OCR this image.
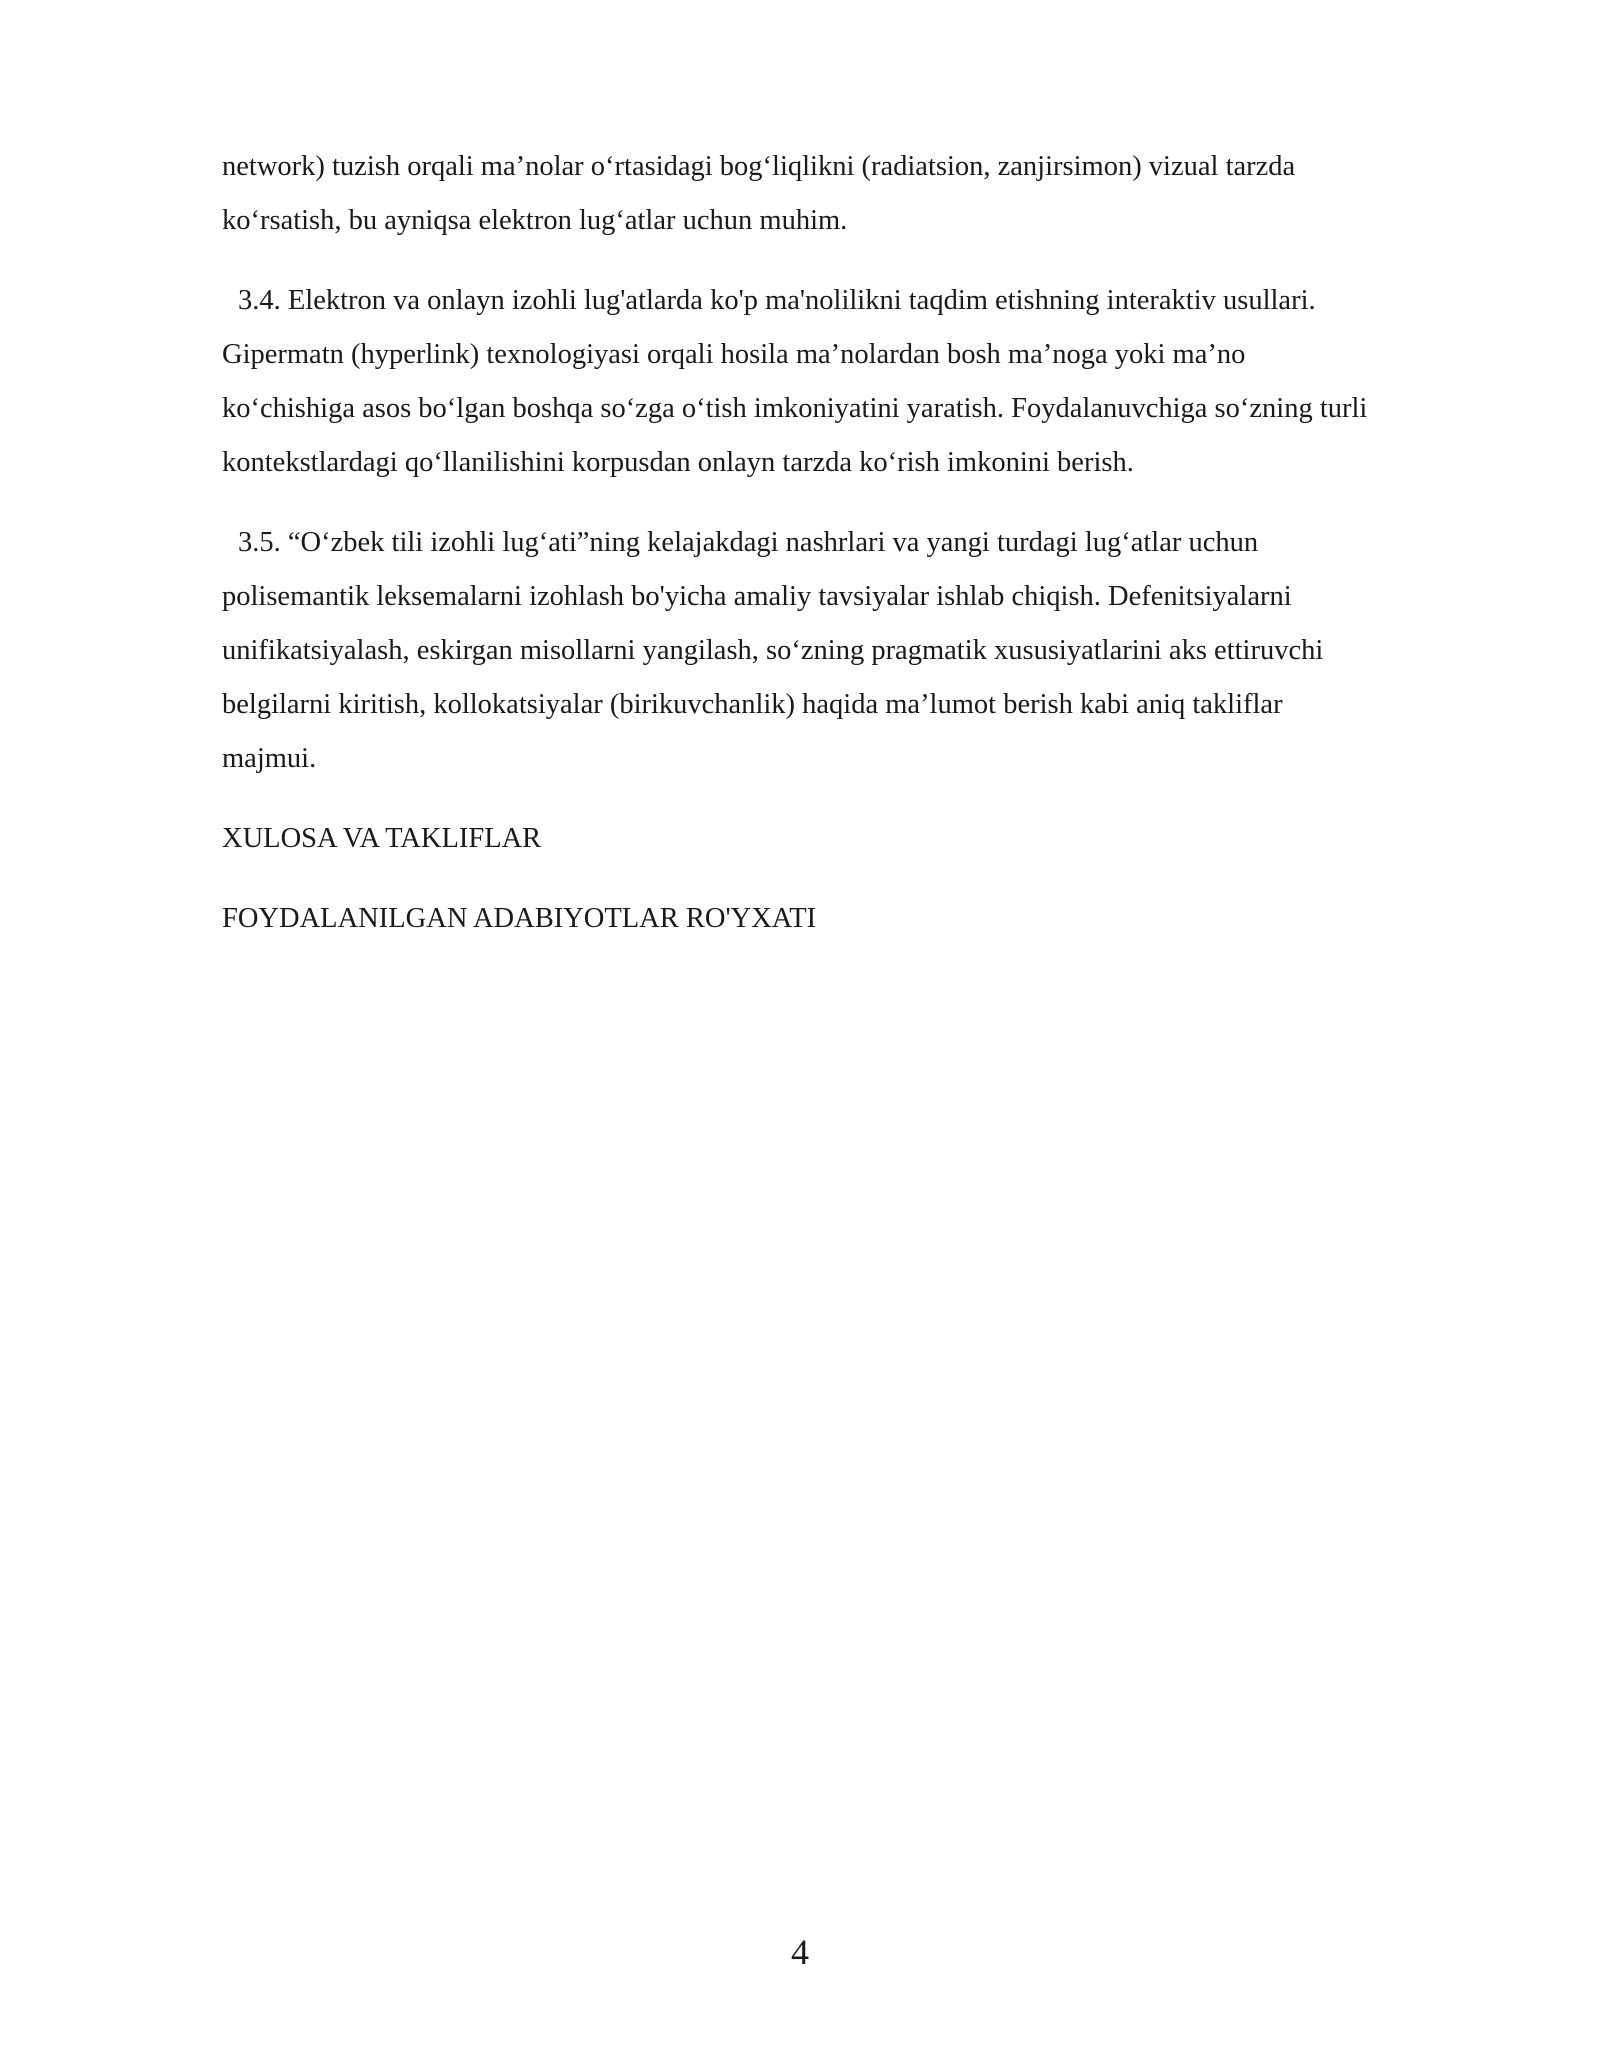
network) tuzish orqali ma’nolar o‘rtasidagi bog‘liqlikni (radiatsion, zanjirsimon) vizual tarzda
ko‘rsatish, bu ayniqsa elektron lug‘atlar uchun muhim.

3.4. Elektron va onlayn izohli lug'atlarda ko'p ma'nolilikni taqdim etishning interaktiv usullari.
Gipermatn (hyperlink) texnologiyasi orqali hosila ma’nolardan bosh ma’noga yoki ma’no
ko‘chishiga asos bo‘lgan boshqa so‘zga o‘tish imkoniyatini yaratish. Foydalanuvchiga so‘zning turli
kontekstlardagi qo‘llanilishini korpusdan onlayn tarzda ko‘rish imkonini berish.

3.5. “O‘zbek tili izohli lug‘ati”ning kelajakdagi nashrlari va yangi turdagi lug‘atlar uchun
polisemantik leksemalarni izohlash bo'yicha amaliy tavsiyalar ishlab chiqish. Defenitsiyalarni
unifikatsiyalash, eskirgan misollarni yangilash, so‘zning pragmatik xususiyatlarini aks ettiruvchi
belgilarni kiritish, kollokatsiyalar (birikuvchanlik) haqida ma’lumot berish kabi aniq takliflar
majmui.

XULOSA VA TAKLIFLAR
FOYDALANILGAN ADABIYOTLAR RO'YXATI
4
